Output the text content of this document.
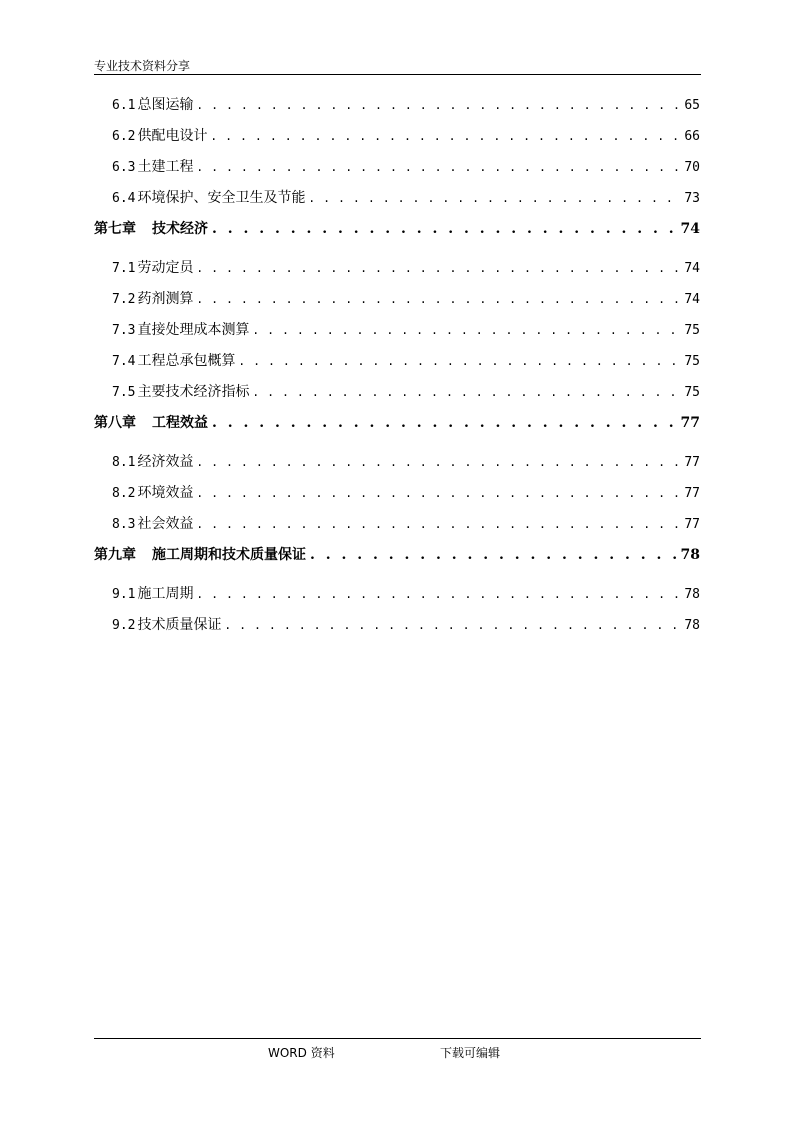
专业技术资料分享
6.1 总图运输 . . .	65
6.2 供配电设计 . . .	66
6.3 土建工程 . . .	70
6.4 环境保护、安全卫生及节能 . . .	73
第七章 技术经济 . . .	74
7.1 劳动定员 . . .	74
7.2 药剂测算 . . .	74
7.3 直接处理成本测算 . . .	75
7.4 工程总承包概算 . . .	75
7.5 主要技术经济指标 . . .	75
第八章 工程效益 . . .	77
8.1 经济效益 . . .	77
8.2 环境效益 . . .	77
8.3 社会效益 . . .	77
第九章 施工周期和技术质量保证 . . .	78
9.1 施工周期 . . .	78
9.2 技术质量保证 . . .	78
WORD 资料	下载可编辑
